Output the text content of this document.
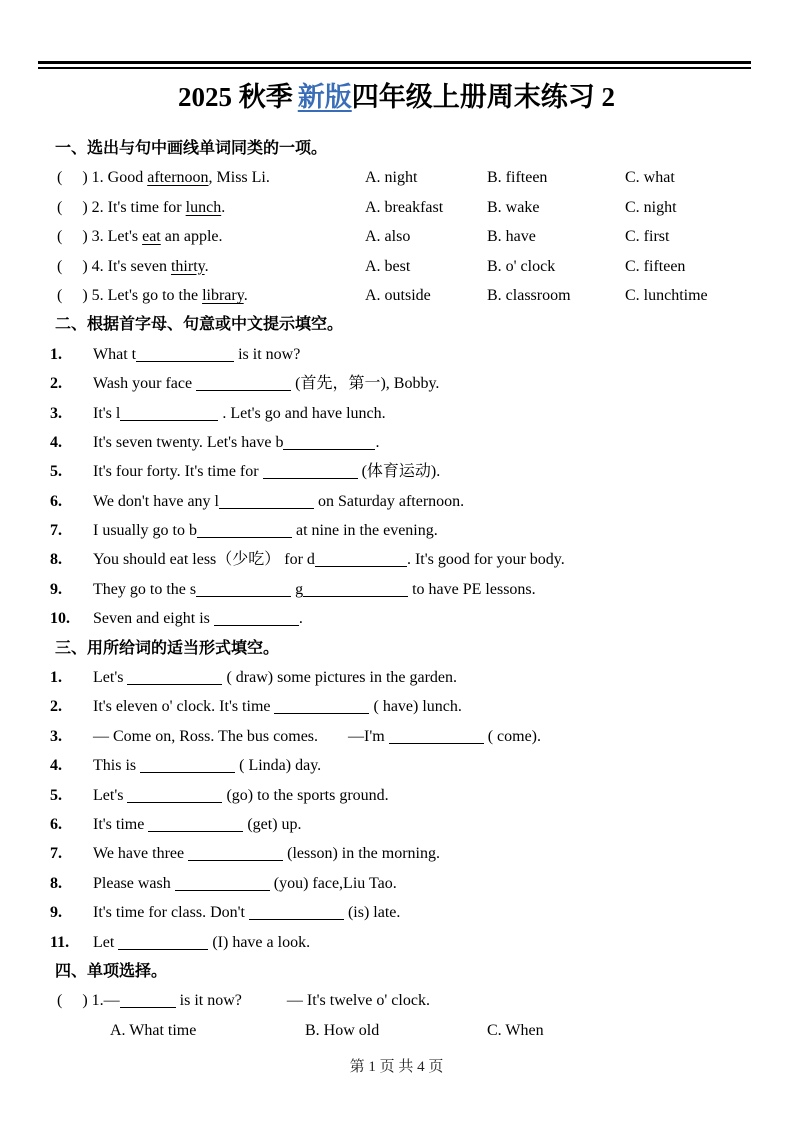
2025 秋季 新版四年级上册周末练习 2
一、选出与句中画线单词同类的一项。
(     ) 1. Good afternoon, Miss Li.	A. night	B. fifteen	C. what
(     ) 2. It's time for lunch.	A. breakfast	B. wake	C. night
(     ) 3. Let's eat an apple.	A. also	B. have	C. first
(     ) 4. It's seven thirty.	A. best	B. o' clock	C. fifteen
(     ) 5. Let's go to the library.	A. outside	B. classroom	C. lunchtime
二、根据首字母、句意或中文提示填空。
1. What t	is it now?
2. Wash your face	(首先，第一), Bobby.
3. It's l	. Let's go and have lunch.
4. It's seven twenty. Let's have b	.
5. It's four forty. It's time for	(体育运动).
6. We don't have any l	on Saturday afternoon.
7. I usually go to b	at nine in the evening.
8. You should eat less（少吃） for d	. It's good for your body.
9. They go to the s	g	to have PE lessons.
10. Seven and eight is	.
三、用所给词的适当形式填空。
1. Let's	( draw) some pictures in the garden.
2. It's eleven o' clock. It's time	( have) lunch.
3. — Come on, Ross. The bus comes. —I'm	( come).
4. This is	( Linda) day.
5. Let's	(go) to the sports ground.
6. It's time	(get) up.
7. We have three	(lesson) in the morning.
8. Please wash	(you) face,Liu Tao.
9. It's time for class. Don't	(is) late.
11. Let	(I) have a look.
四、单项选择。
(     ) 1.—	is it now?	— It's twelve o' clock.
A. What time	B. How old	C. When
第 1 页 共 4 页
